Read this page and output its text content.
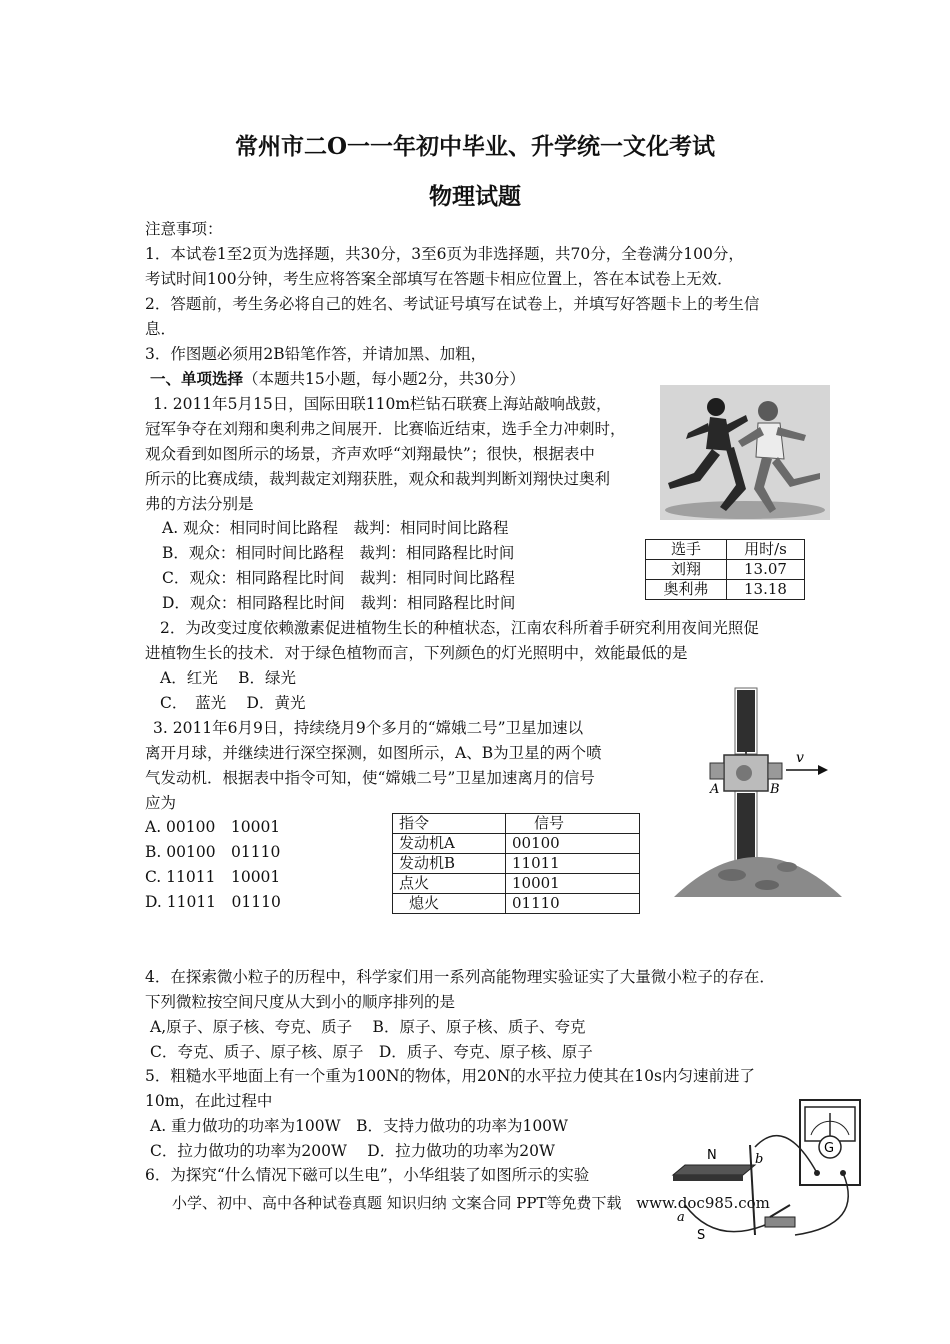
常州市二O一一年初中毕业、升学统一文化考试
物理试题
注意事项：
1．本试卷1至2页为选择题，共30分，3至6页为非选择题，共70分，全卷满分100分，
考试时间100分钟，考生应将答案全部填写在答题卡相应位置上，答在本试卷上无效．
2．答题前，考生务必将自己的姓名、考试证号填写在试卷上，并填写好答题卡上的考生信
息．
3．作图题必须用2B铅笔作答，并请加黑、加粗，
一、单项选择（本题共15小题，每小题2分，共30分）
1. 2011年5月15日，国际田联110m栏钻石联赛上海站敲响战鼓，
冠军争夺在刘翔和奥利弗之间展开．比赛临近结束，选手全力冲刺时，
观众看到如图所示的场景，齐声欢呼“刘翔最快”；很快，根据表中
所示的比赛成绩，裁判裁定刘翔获胜，观众和裁判判断刘翔快过奥利
弗的方法分别是
A. 观众：相同时间比路程　裁判：相同时间比路程
B．观众：相同时间比路程　裁判：相同路程比时间
C．观众：相同路程比时间　裁判：相同时间比路程
D．观众：相同路程比时间　裁判：相同路程比时间
选手	用时/s
刘翔	13.07
奥利弗	13.18
2．为改变过度依赖激素促进植物生长的种植状态，江南农科所着手研究利用夜间光照促
进植物生长的技术．对于绿色植物而言，下列颜色的灯光照明中，效能最低的是
A．红光　 B．绿光
C．　蓝光　 D．黄光
3. 2011年6月9日，持续绕月9个多月的“嫦娥二号”卫星加速以
离开月球，并继续进行深空探测，如图所示，A、B为卫星的两个喷
气发动机．根据表中指令可知，使“嫦娥二号”卫星加速离月的信号
应为
A. 00100　10001
B. 00100　01110
C. 11011　10001
D. 11011　01110
指令	信号
发动机A	00100
发动机B	11011
点火	10001
熄火	01110
A	B
v
4．在探索微小粒子的历程中，科学家们用一系列高能物理实验证实了大量微小粒子的存在．
下列微粒按空间尺度从大到小的顺序排列的是
A,原子、原子核、夸克、质子　 B．原子、原子核、质子、夸克
C．夸克、质子、原子核、原子　D．质子、夸克、原子核、原子
5．粗糙水平地面上有一个重为100N的物体，用20N的水平拉力使其在10s内匀速前进了
10m，在此过程中
A. 重力做功的功率为100W　B．支持力做功的功率为100W
C．拉力做功的功率为200W　 D．拉力做功的功率为20W
6．为探究“什么情况下磁可以生电”，小华组装了如图所示的实验
G
N	b
a
S
小学、初中、高中各种试卷真题 知识归纳 文案合同 PPT等免费下载 www.doc985.com
